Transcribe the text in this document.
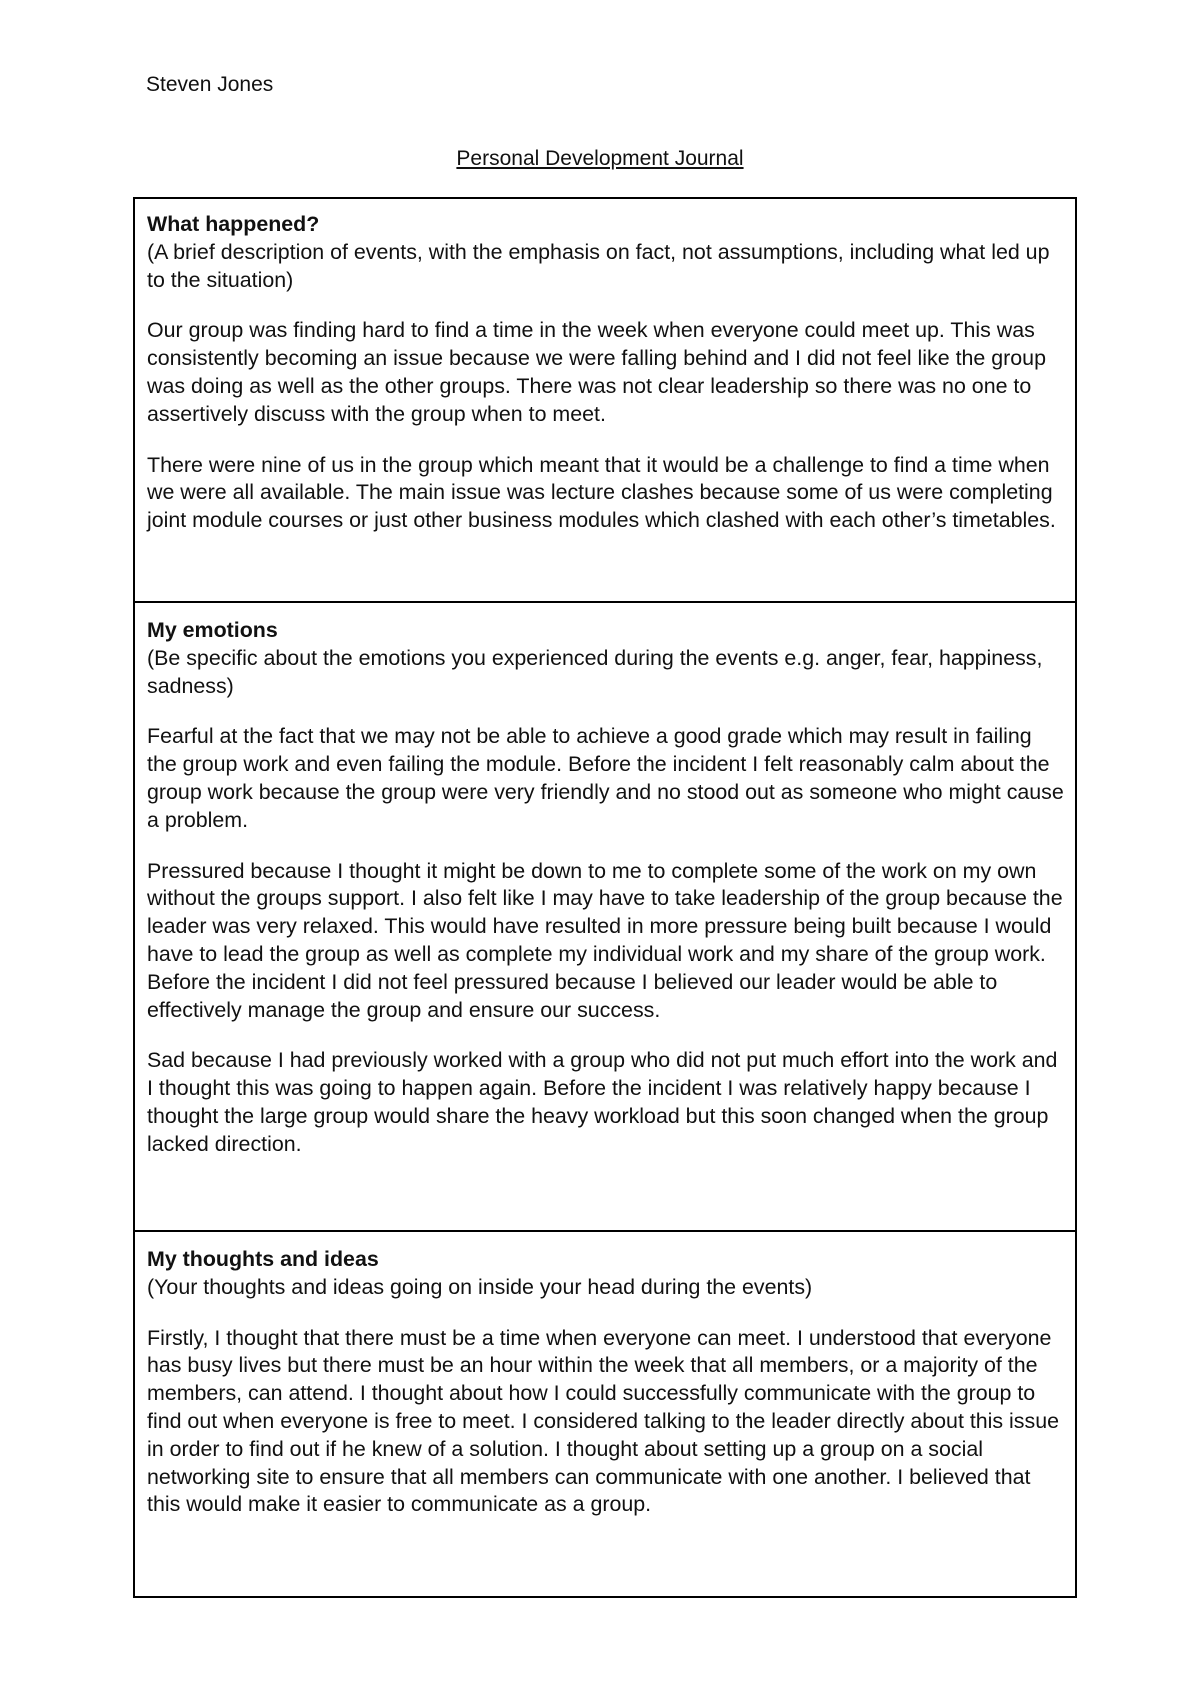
Steven Jones
Personal Development Journal

What happened?

(A brief description of events, with the emphasis on fact, not assumptions, including what led up to the situation)

Our group was finding hard to find a time in the week when everyone could meet up. This was consistently becoming an issue because we were falling behind and I did not feel like the group was doing as well as the other groups. There was not clear leadership so there was no one to assertively discuss with the group when to meet.

There were nine of us in the group which meant that it would be a challenge to find a time when we were all available. The main issue was lecture clashes because some of us were completing joint module courses or just other business modules which clashed with each other’s timetables.

My emotions

(Be specific about the emotions you experienced during the events e.g. anger, fear, happiness, sadness)

Fearful at the fact that we may not be able to achieve a good grade which may result in failing the group work and even failing the module. Before the incident I felt reasonably calm about the group work because the group were very friendly and no stood out as someone who might cause a problem.

Pressured because I thought it might be down to me to complete some of the work on my own without the groups support. I also felt like I may have to take leadership of the group because the leader was very relaxed. This would have resulted in more pressure being built because I would have to lead the group as well as complete my individual work and my share of the group work. Before the incident I did not feel pressured because I believed our leader would be able to effectively manage the group and ensure our success.

Sad because I had previously worked with a group who did not put much effort into the work and I thought this was going to happen again. Before the incident I was relatively happy because I thought the large group would share the heavy workload but this soon changed when the group lacked direction.

My thoughts and ideas

(Your thoughts and ideas going on inside your head during the events)

Firstly, I thought that there must be a time when everyone can meet. I understood that everyone has busy lives but there must be an hour within the week that all members, or a majority of the members, can attend. I thought about how I could successfully communicate with the group to find out when everyone is free to meet. I considered talking to the leader directly about this issue in order to find out if he knew of a solution. I thought about setting up a group on a social networking site to ensure that all members can communicate with one another. I believed that this would make it easier to communicate as a group.
